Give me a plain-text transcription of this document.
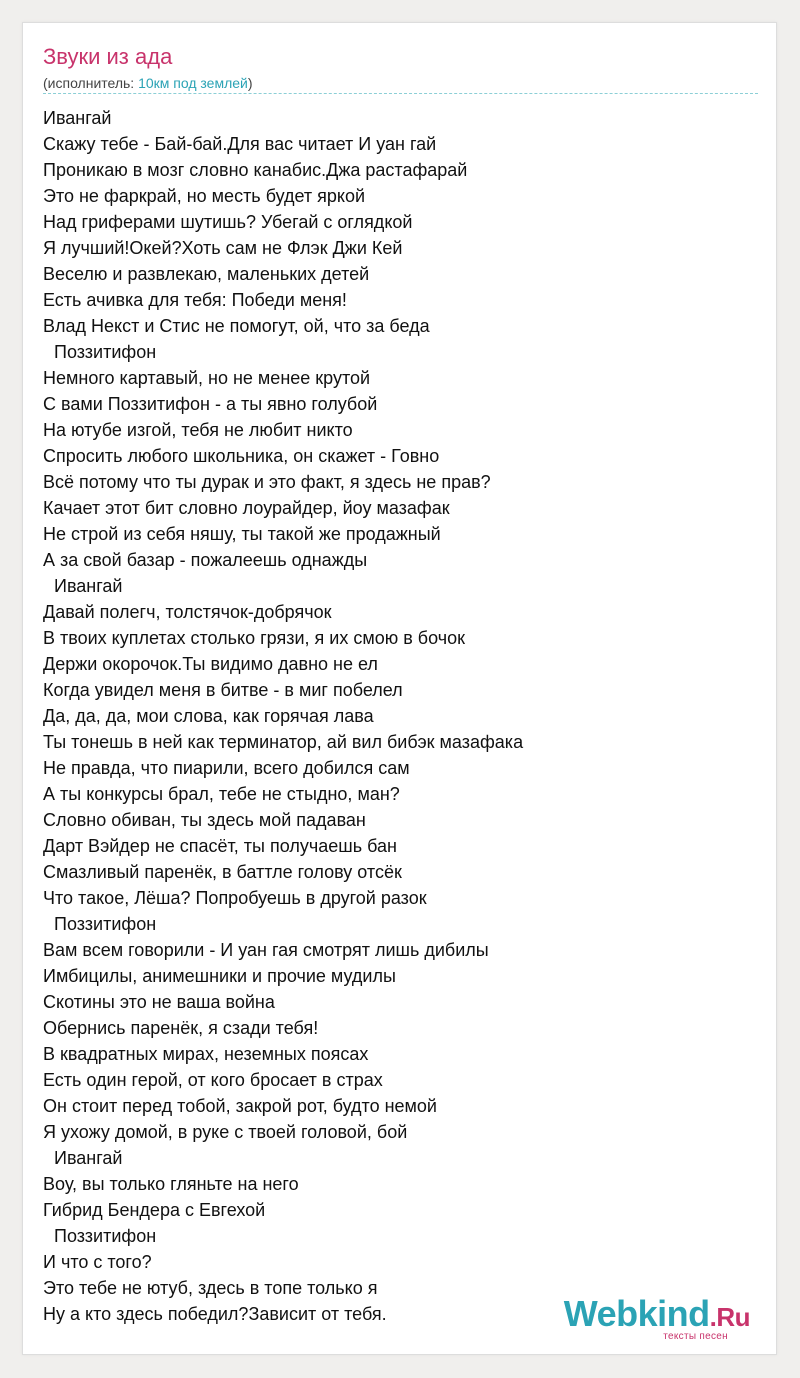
Звуки из ада
(исполнитель: 10км под землей)
Ивангай
Скажу тебе - Бай-бай.Для вас читает И уан гай
Проникаю в мозг словно канабис.Джа растафарай
Это не фаркрай, но месть будет яркой
Над гриферами шутишь? Убегай с оглядкой
Я лучший!Окей?Хоть сам не Флэк Джи Кей
Веселю и развлекаю, маленьких детей
Есть ачивка для тебя: Победи меня!
Влад Некст и Стис не помогут, ой, что за беда
Поззитифон
Немного картавый, но не менее крутой
С вами Поззитифон - а ты явно голубой
На ютубе изгой, тебя не любит никто
Спросить любого школьника, он скажет - Говно
Всё потому что ты дурак и это факт, я здесь не прав?
Качает этот бит словно лоурайдер, йоу мазафак
Не строй из себя няшу, ты такой же продажный
А за свой базар - пожалеешь однажды
Ивангай
Давай полегч, толстячок-добрячок
В твоих куплетах столько грязи, я их смою в бочок
Держи окорочок.Ты видимо давно не ел
Когда увидел меня в битве - в миг побелел
Да, да, да, мои слова, как горячая лава
Ты тонешь в ней как терминатор, ай вил бибэк мазафака
Не правда, что пиарили, всего добился сам
А ты конкурсы брал, тебе не стыдно, ман?
Словно обиван, ты здесь мой падаван
Дарт Вэйдер не спасёт, ты получаешь бан
Смазливый паренёк, в баттле голову отсёк
Что такое, Лёша? Попробуешь в другой разок
Поззитифон
Вам всем говорили - И уан гая смотрят лишь дибилы
Имбицилы, анимешники и прочие мудилы
Скотины это не ваша война
Обернись паренёк, я сзади тебя!
В квадратных мирах, неземных поясах
Есть один герой, от кого бросает в страх
Он стоит перед тобой, закрой рот, будто немой
Я ухожу домой, в руке с твоей головой, бой
Ивангай
Воу, вы только гляньте на него
Гибрид Бендера с Евгехой
Поззитифон
И что с того?
Это тебе не ютуб, здесь в топе только я
Ну а кто здесь победил?Зависит от тебя.	Webkind.Ru
тексты песен
